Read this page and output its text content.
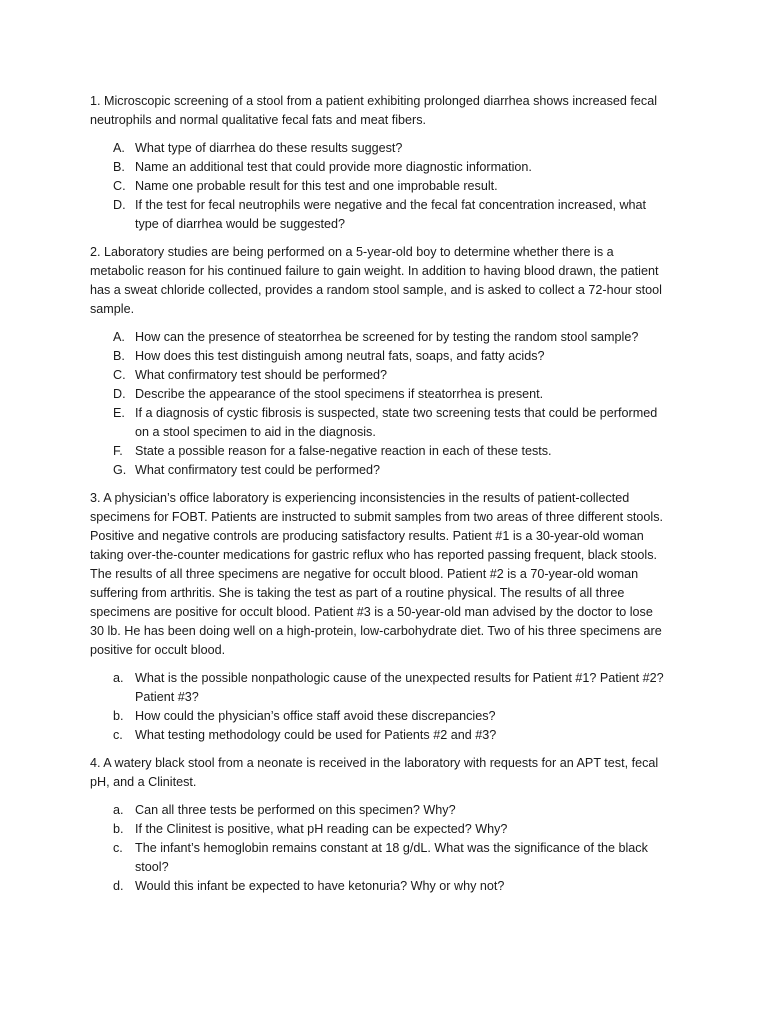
1. Microscopic screening of a stool from a patient exhibiting prolonged diarrhea shows increased fecal neutrophils and normal qualitative fecal fats and meat fibers.

A. What type of diarrhea do these results suggest?
B. Name an additional test that could provide more diagnostic information.
C. Name one probable result for this test and one improbable result.
D. If the test for fecal neutrophils were negative and the fecal fat concentration increased, what type of diarrhea would be suggested?

2. Laboratory studies are being performed on a 5-year-old boy to determine whether there is a metabolic reason for his continued failure to gain weight. In addition to having blood drawn, the patient has a sweat chloride collected, provides a random stool sample, and is asked to collect a 72-hour stool sample.

A. How can the presence of steatorrhea be screened for by testing the random stool sample?
B. How does this test distinguish among neutral fats, soaps, and fatty acids?
C. What confirmatory test should be performed?
D. Describe the appearance of the stool specimens if steatorrhea is present.
E. If a diagnosis of cystic fibrosis is suspected, state two screening tests that could be performed on a stool specimen to aid in the diagnosis.
F. State a possible reason for a false-negative reaction in each of these tests.
G. What confirmatory test could be performed?

3. A physician’s office laboratory is experiencing inconsistencies in the results of patient-collected specimens for FOBT. Patients are instructed to submit samples from two areas of three different stools. Positive and negative controls are producing satisfactory results. Patient #1 is a 30-year-old woman taking over-the-counter medications for gastric reflux who has reported passing frequent, black stools. The results of all three specimens are negative for occult blood. Patient #2 is a 70-year-old woman suffering from arthritis. She is taking the test as part of a routine physical. The results of all three specimens are positive for occult blood. Patient #3 is a 50-year-old man advised by the doctor to lose 30 lb. He has been doing well on a high-protein, low-carbohydrate diet. Two of his three specimens are positive for occult blood.

a. What is the possible nonpathologic cause of the unexpected results for Patient #1? Patient #2? Patient #3?
b. How could the physician’s office staff avoid these discrepancies?
c. What testing methodology could be used for Patients #2 and #3?

4. A watery black stool from a neonate is received in the laboratory with requests for an APT test, fecal pH, and a Clinitest.

a. Can all three tests be performed on this specimen? Why?
b. If the Clinitest is positive, what pH reading can be expected? Why?
c. The infant’s hemoglobin remains constant at 18 g/dL. What was the significance of the black stool?
d. Would this infant be expected to have ketonuria? Why or why not?
